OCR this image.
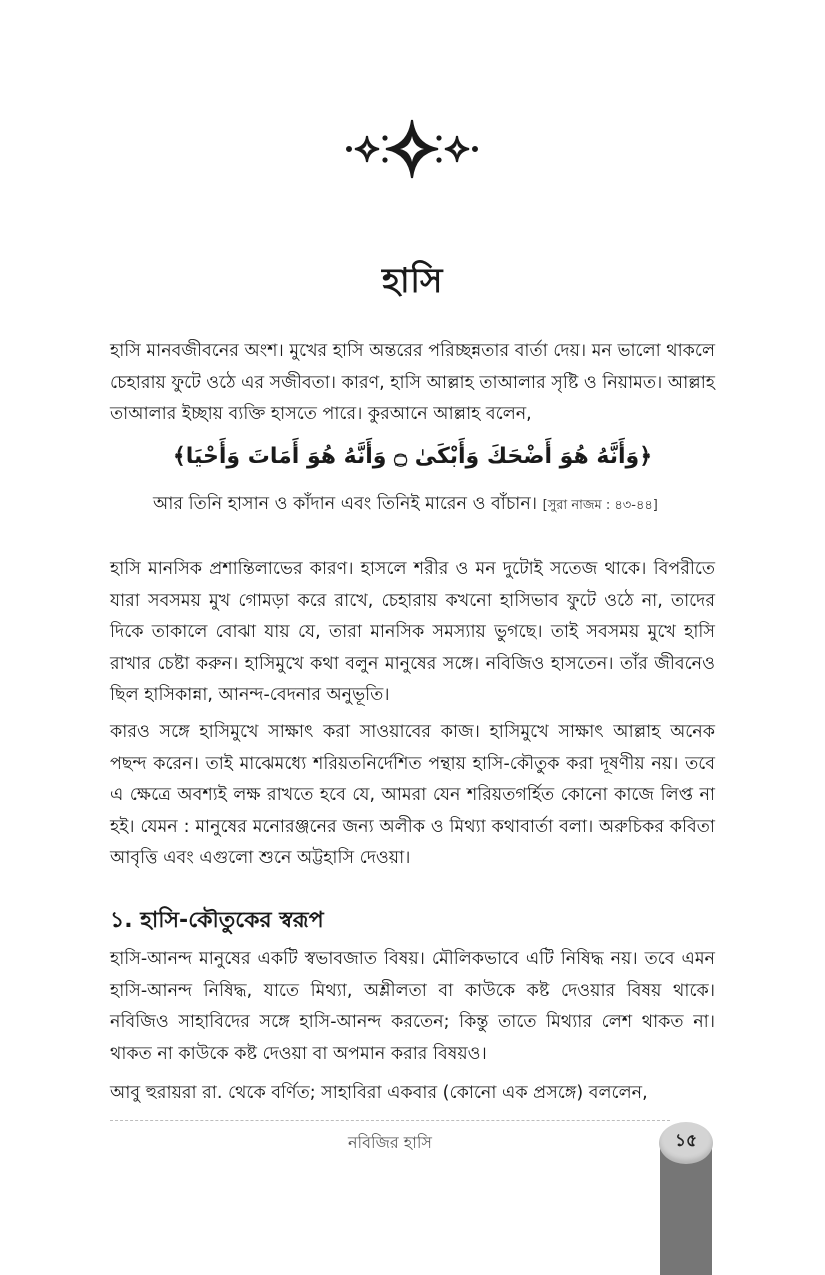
হাসি

হাসি মানবজীবনের অংশ। মুখের হাসি অন্তরের পরিচ্ছন্নতার বার্তা দেয়। মন ভালো থাকলে চেহারায় ফুটে ওঠে এর সজীবতা। কারণ, হাসি আল্লাহ তাআলার সৃষ্টি ও নিয়ামত। আল্লাহ তাআলার ইচ্ছায় ব্যক্তি হাসতে পারে। কুরআনে আল্লাহ বলেন,

﴿وَأَنَّهُ هُوَ أَضْحَكَ وَأَبْكَىٰ ۝ وَأَنَّهُ هُوَ أَمَاتَ وَأَحْيَا﴾

আর তিনি হাসান ও কাঁদান এবং তিনিই মারেন ও বাঁচান। [সুরা নাজম : ৪৩-৪৪]

হাসি মানসিক প্রশান্তিলাভের কারণ। হাসলে শরীর ও মন দুটোই সতেজ থাকে। বিপরীতে যারা সবসময় মুখ গোমড়া করে রাখে, চেহারায় কখনো হাসিভাব ফুটে ওঠে না, তাদের দিকে তাকালে বোঝা যায় যে, তারা মানসিক সমস্যায় ভুগছে। তাই সবসময় মুখে হাসি রাখার চেষ্টা করুন। হাসিমুখে কথা বলুন মানুষের সঙ্গে। নবিজিও হাসতেন। তাঁর জীবনেও ছিল হাসিকান্না, আনন্দ-বেদনার অনুভূতি।

কারও সঙ্গে হাসিমুখে সাক্ষাৎ করা সাওয়াবের কাজ। হাসিমুখে সাক্ষাৎ আল্লাহ অনেক পছন্দ করেন। তাই মাঝেমধ্যে শরিয়তনির্দেশিত পন্থায় হাসি-কৌতুক করা দূষণীয় নয়। তবে এ ক্ষেত্রে অবশ্যই লক্ষ রাখতে হবে যে, আমরা যেন শরিয়তগর্হিত কোনো কাজে লিপ্ত না হই। যেমন : মানুষের মনোরঞ্জনের জন্য অলীক ও মিথ্যা কথাবার্তা বলা। অরুচিকর কবিতা আবৃত্তি এবং এগুলো শুনে অট্টহাসি দেওয়া।

১. হাসি-কৌতুকের স্বরূপ

হাসি-আনন্দ মানুষের একটি স্বভাবজাত বিষয়। মৌলিকভাবে এটি নিষিদ্ধ নয়। তবে এমন হাসি-আনন্দ নিষিদ্ধ, যাতে মিথ্যা, অশ্লীলতা বা কাউকে কষ্ট দেওয়ার বিষয় থাকে। নবিজিও সাহাবিদের সঙ্গে হাসি-আনন্দ করতেন; কিন্তু তাতে মিথ্যার লেশ থাকত না। থাকত না কাউকে কষ্ট দেওয়া বা অপমান করার বিষয়ও।

আবু হুরায়রা রা. থেকে বর্ণিত; সাহাবিরা একবার (কোনো এক প্রসঙ্গে) বললেন,

নবিজির হাসি	১৫
